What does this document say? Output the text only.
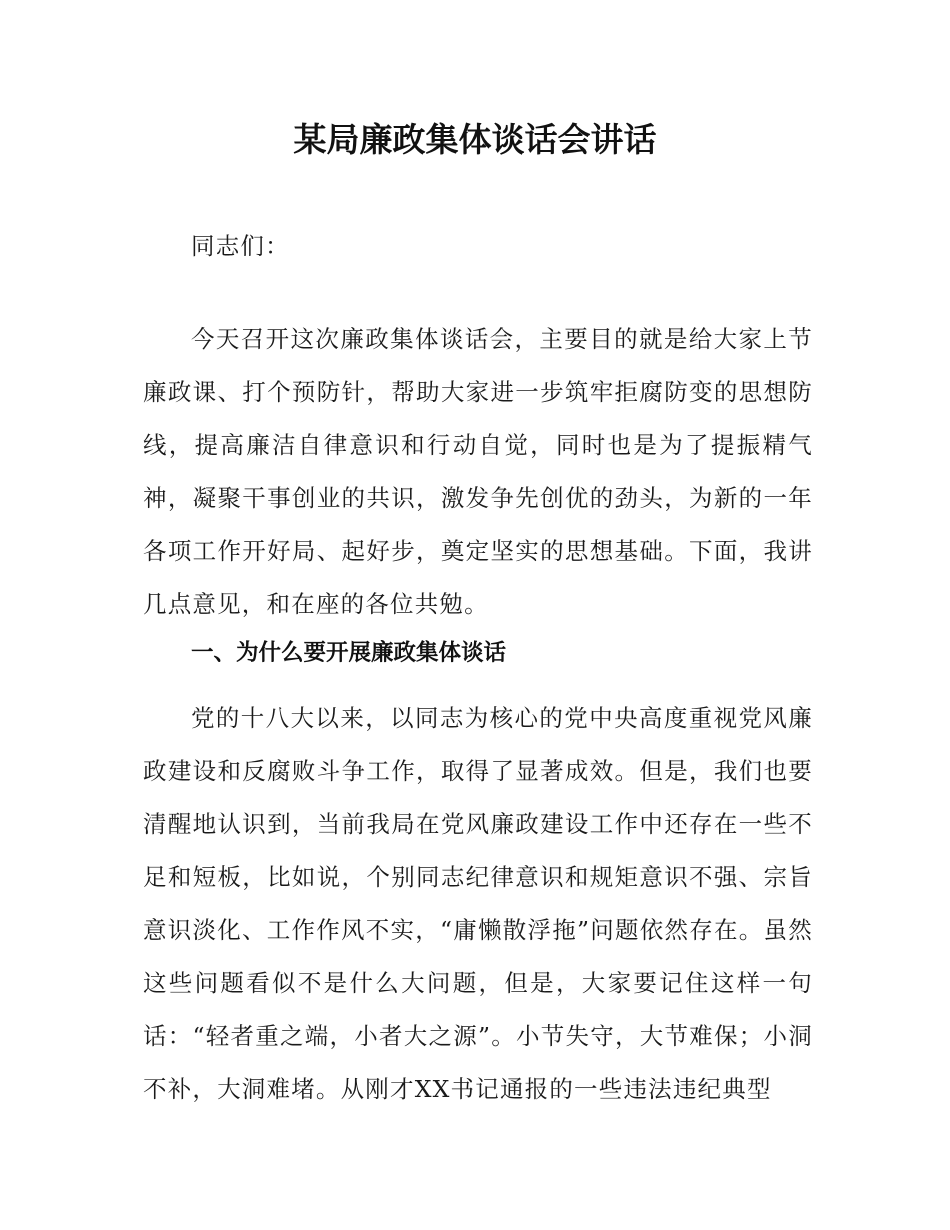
某局廉政集体谈话会讲话

同志们：

今天召开这次廉政集体谈话会，主要目的就是给大家上节廉政课、打个预防针，帮助大家进一步筑牢拒腐防变的思想防线，提高廉洁自律意识和行动自觉，同时也是为了提振精气神，凝聚干事创业的共识，激发争先创优的劲头，为新的一年各项工作开好局、起好步，奠定坚实的思想基础。下面，我讲几点意见，和在座的各位共勉。

一、为什么要开展廉政集体谈话

党的十八大以来，以同志为核心的党中央高度重视党风廉政建设和反腐败斗争工作，取得了显著成效。但是，我们也要清醒地认识到，当前我局在党风廉政建设工作中还存在一些不足和短板，比如说，个别同志纪律意识和规矩意识不强、宗旨意识淡化、工作作风不实，“庸懒散浮拖”问题依然存在。虽然这些问题看似不是什么大问题，但是，大家要记住这样一句话：“轻者重之端，小者大之源”。小节失守，大节难保；小洞不补，大洞难堵。从刚才XX书记通报的一些违法违纪典型
